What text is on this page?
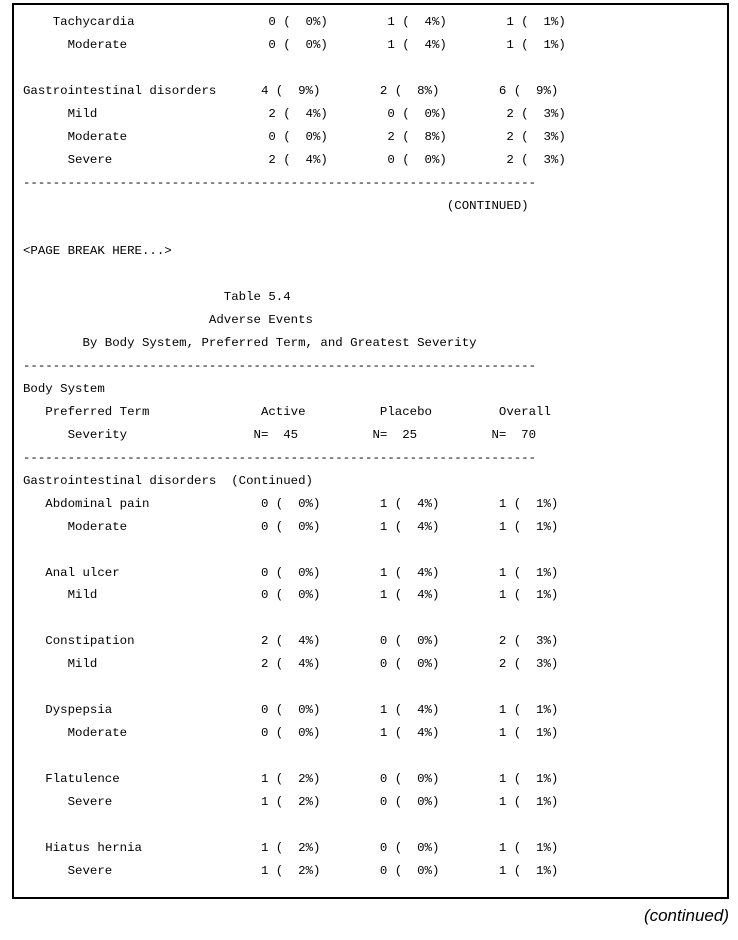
Tachycardia                  0 (  0%)        1 (  4%)        1 (  1%)
Moderate                   0 (  0%)        1 (  4%)        1 (  1%)
Gastrointestinal disorders      4 (  9%)        2 (  8%)        6 (  9%)
Mild                       2 (  4%)        0 (  0%)        2 (  3%)
Moderate                   0 (  0%)        2 (  8%)        2 (  3%)
Severe                     2 (  4%)        0 (  0%)        2 (  3%)
---------------------------------------------------------------------
(CONTINUED)
<PAGE BREAK HERE...>
Table 5.4
Adverse Events
By Body System, Preferred Term, and Greatest Severity
---------------------------------------------------------------------
Body System
Preferred Term               Active          Placebo         Overall
Severity                 N=  45          N=  25          N=  70
---------------------------------------------------------------------
Gastrointestinal disorders  (Continued)
Abdominal pain               0 (  0%)        1 (  4%)        1 (  1%)
Moderate                  0 (  0%)        1 (  4%)        1 (  1%)
Anal ulcer                   0 (  0%)        1 (  4%)        1 (  1%)
Mild                      0 (  0%)        1 (  4%)        1 (  1%)
Constipation                 2 (  4%)        0 (  0%)        2 (  3%)
Mild                      2 (  4%)        0 (  0%)        2 (  3%)
Dyspepsia                    0 (  0%)        1 (  4%)        1 (  1%)
Moderate                  0 (  0%)        1 (  4%)        1 (  1%)
Flatulence                   1 (  2%)        0 (  0%)        1 (  1%)
Severe                    1 (  2%)        0 (  0%)        1 (  1%)
Hiatus hernia                1 (  2%)        0 (  0%)        1 (  1%)
Severe                    1 (  2%)        0 (  0%)        1 (  1%)
(continued)
